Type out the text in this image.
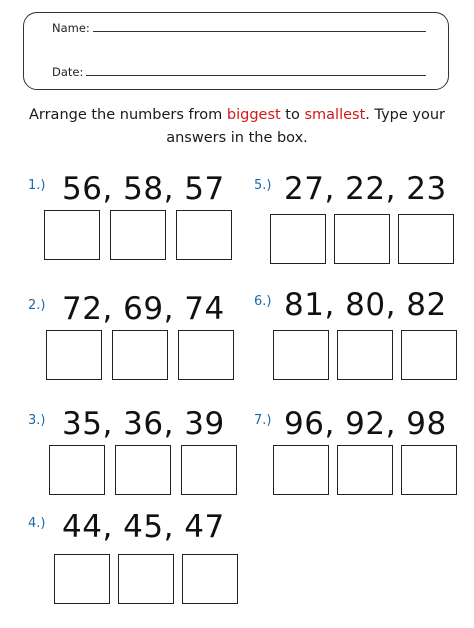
Name:
Date:
Arrange the numbers from biggest to smallest. Type your
answers in the box.
1.) 56, 58, 57
2.) 72, 69, 74
3.) 35, 36, 39
4.) 44, 45, 47
5.) 27, 22, 23
6.) 81, 80, 82
7.) 96, 92, 98
